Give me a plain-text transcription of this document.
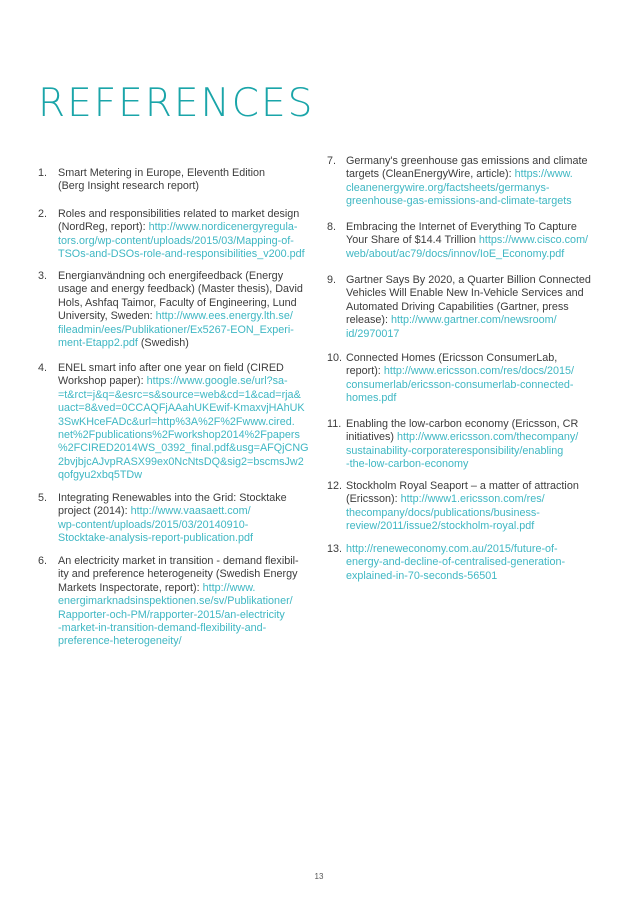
REFERENCES
1. Smart Metering in Europe, Eleventh Edition
(Berg Insight research report)
2. Roles and responsibilities related to market design
(NordReg, report): http://www.nordicenergyregula-
tors.org/wp-content/uploads/2015/03/Mapping-of-
TSOs-and-DSOs-role-and-responsibilities_v200.pdf
3. Energianvändning och energifeedback (Energy
usage and energy feedback) (Master thesis), David
Hols, Ashfaq Taimor, Faculty of Engineering, Lund
University, Sweden: http://www.ees.energy.lth.se/
fileadmin/ees/Publikationer/Ex5267-EON_Experi-
ment-Etapp2.pdf (Swedish)
4. ENEL smart info after one year on field (CIRED
Workshop paper): https://www.google.se/url?sa-
=t&rct=j&q=&esrc=s&source=web&cd=1&cad=rja&
uact=8&ved=0CCAQFjAAahUKEwif-KmaxvjHAhUK
3SwKHceFADc&url=http%3A%2F%2Fwww.cired.
net%2Fpublications%2Fworkshop2014%2Fpapers
%2FCIRED2014WS_0392_final.pdf&usg=AFQjCNG
2bvjbjcAJvpRASX99ex0NcNtsDQ&sig2=bscmsJw2
qofgyu2xbq5TDw
5. Integrating Renewables into the Grid: Stocktake
project (2014): http://www.vaasaett.com/
wp-content/uploads/2015/03/20140910-
Stocktake-analysis-report-publication.pdf
6. An electricity market in transition - demand flexibil-
ity and preference heterogeneity (Swedish Energy
Markets Inspectorate, report): http://www.
energimarknadsinspektionen.se/sv/Publikationer/
Rapporter-och-PM/rapporter-2015/an-electricity
-market-in-transition-demand-flexibility-and-
preference-heterogeneity/
7. Germany's greenhouse gas emissions and climate
targets (CleanEnergyWire, article): https://www.
cleanenergywire.org/factsheets/germanys-
greenhouse-gas-emissions-and-climate-targets
8. Embracing the Internet of Everything To Capture
Your Share of $14.4 Trillion https://www.cisco.com/
web/about/ac79/docs/innov/IoE_Economy.pdf
9. Gartner Says By 2020, a Quarter Billion Connected
Vehicles Will Enable New In-Vehicle Services and
Automated Driving Capabilities (Gartner, press
release): http://www.gartner.com/newsroom/
id/2970017
10. Connected Homes (Ericsson ConsumerLab,
report): http://www.ericsson.com/res/docs/2015/
consumerlab/ericsson-consumerlab-connected-
homes.pdf
11. Enabling the low-carbon economy (Ericsson, CR
initiatives) http://www.ericsson.com/thecompany/
sustainability-corporateresponsibility/enabling
-the-low-carbon-economy
12. Stockholm Royal Seaport – a matter of attraction
(Ericsson): http://www1.ericsson.com/res/
thecompany/docs/publications/business-
review/2011/issue2/stockholm-royal.pdf
13. http://reneweconomy.com.au/2015/future-of-
energy-and-decline-of-centralised-generation-
explained-in-70-seconds-56501
13
